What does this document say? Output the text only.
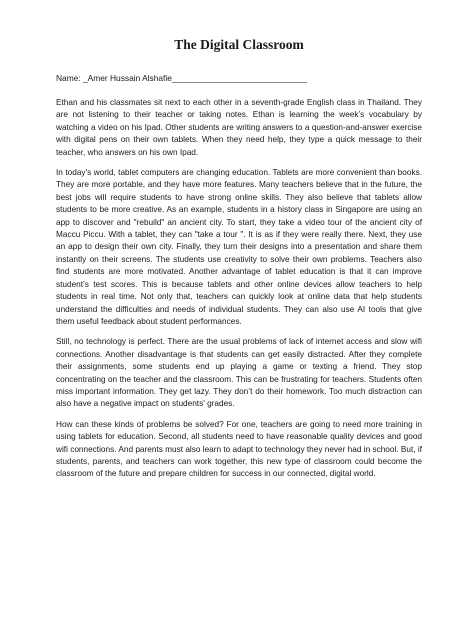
The Digital Classroom
Name: _Amer Hussain Alshafie_____________________________

Ethan and his classmates sit next to each other in a seventh-grade English class in Thailand. They are not listening to their teacher or taking notes. Ethan is learning the week’s vocabulary by watching a video on his Ipad. Other students are writing answers to a question-and-answer exercise with digital pens on their own tablets. When they need help, they type a quick message to their teacher, who answers on his own Ipad.

In today's world, tablet computers are changing education. Tablets are more convenient than books. They are more portable, and they have more features. Many teachers believe that in the future, the best jobs will require students to have strong online skills. They also believe that tablets allow students to be more creative. As an example, students in a history class in Singapore are using an app to discover and "rebuild" an ancient city. To start, they take a video tour of the ancient city of Maccu Piccu. With a tablet, they can "take a tour ". It is as if they were really there. Next, they use an app to design their own city. Finally, they turn their designs into a presentation and share them instantly on their screens. The students use creativity to solve their own problems. Teachers also find students are more motivated. Another advantage of tablet education is that it can improve student’s test scores. This is because tablets and other online devices allow teachers to help students in real time. Not only that, teachers can quickly look at online data that help students understand the difficulties and needs of individual students. They can also use AI tools that give them useful feedback about student performances.

Still, no technology is perfect. There are the usual problems of lack of internet access and slow wifi connections. Another disadvantage is that students can get easily distracted. After they complete their assignments, some students end up playing a game or texting a friend. They stop concentrating on the teacher and the classroom. This can be frustrating for teachers. Students often miss important information. They get lazy. They don’t do their homework. Too much distraction can also have a negative impact on students' grades.

How can these kinds of problems be solved? For one, teachers are going to need more training in using tablets for education. Second, all students need to have reasonable quality devices and good wifi connections. And parents must also learn to adapt to technology they never had in school. But, if students, parents, and teachers can work together, this new type of classroom could become the classroom of the future and prepare children for success in our connected, digital world.
